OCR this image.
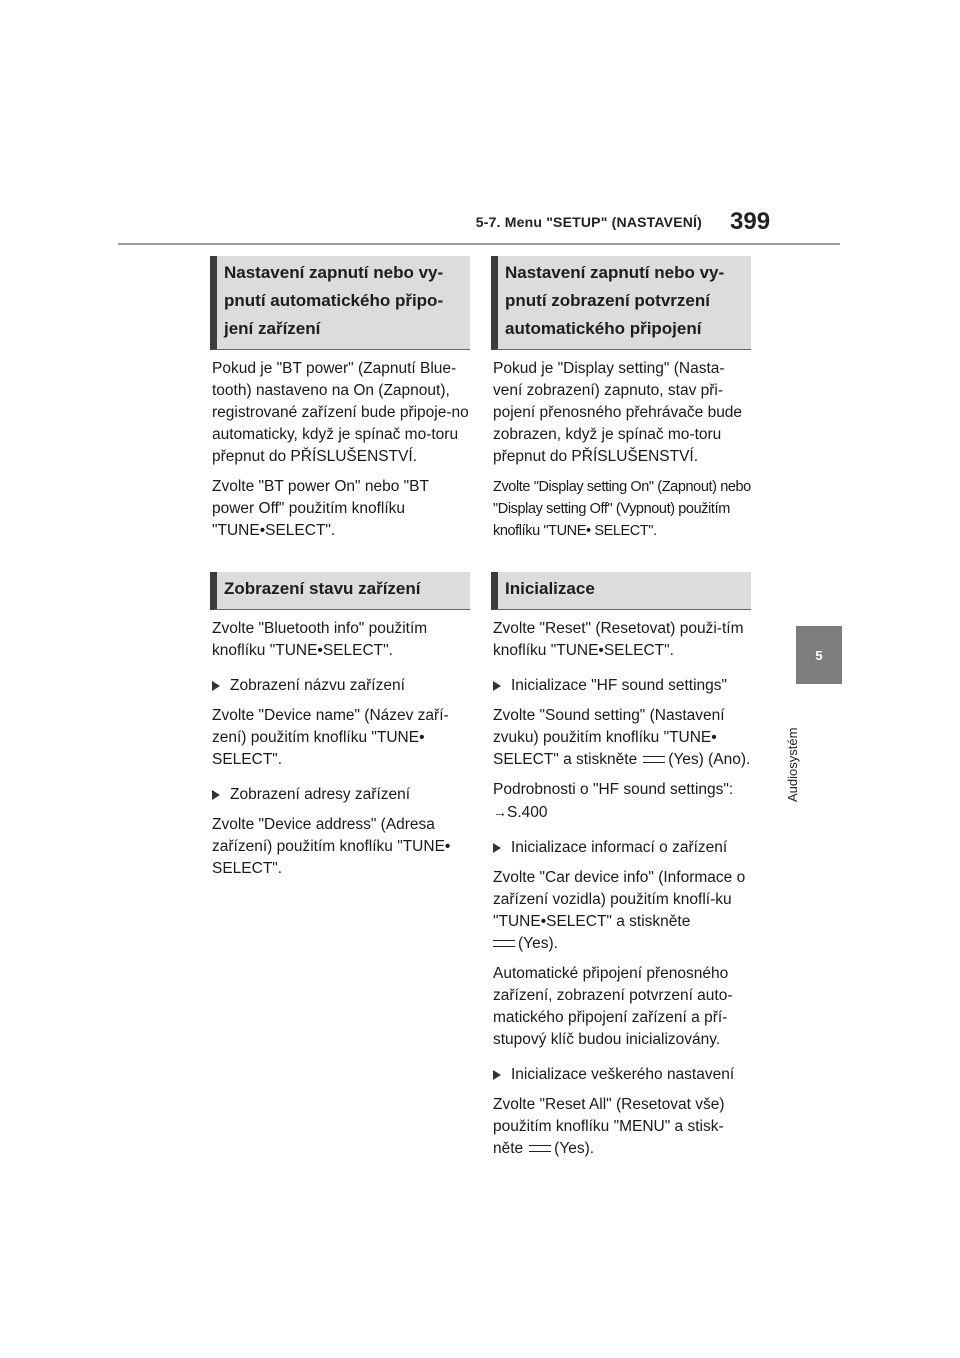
5-7. Menu "SETUP" (NASTAVENÍ) 399
5
Audiosystém
Nastavení zapnutí nebo vy-pnutí automatického připo-jení zařízení

Pokud je "BT power" (Zapnutí Blue-tooth) nastaveno na On (Zapnout), registrované zařízení bude připoje-no automaticky, když je spínač mo-toru přepnut do PŘÍSLUŠENSTVÍ.

Zvolte "BT power On" nebo "BT power Off" použitím knoflíku "TUNE•SELECT".

Zobrazení stavu zařízení

Zvolte "Bluetooth info" použitím knoflíku "TUNE•SELECT".

Zobrazení názvu zařízení

Zvolte "Device name" (Název zaří-zení) použitím knoflíku "TUNE• SELECT".

Zobrazení adresy zařízení

Zvolte "Device address" (Adresa zařízení) použitím knoflíku "TUNE• SELECT".

Nastavení zapnutí nebo vy-pnutí zobrazení potvrzení automatického připojení

Pokud je "Display setting" (Nasta-vení zobrazení) zapnuto, stav při-pojení přenosného přehrávače bude zobrazen, když je spínač mo-toru přepnut do PŘÍSLUŠENSTVÍ.

Zvolte "Display setting On" (Zapnout) nebo "Display setting Off" (Vypnout) použitím knoflíku "TUNE• SELECT".

Inicializace

Zvolte "Reset" (Resetovat) použi-tím knoflíku "TUNE•SELECT".

Inicializace "HF sound settings"

Zvolte "Sound setting" (Nastavení zvuku) použitím knoflíku "TUNE• SELECT" a stiskněte (Yes) (Ano).

Podrobnosti o "HF sound settings":
→S.400

Inicializace informací o zařízení

Zvolte "Car device info" (Informace o zařízení vozidla) použitím knoflí-ku "TUNE•SELECT" a stiskněte
(Yes).

Automatické připojení přenosného zařízení, zobrazení potvrzení auto-matického připojení zařízení a pří-stupový klíč budou inicializovány.

Inicializace veškerého nastavení

Zvolte "Reset All" (Resetovat vše) použitím knoflíku "MENU" a stisk-něte (Yes).
